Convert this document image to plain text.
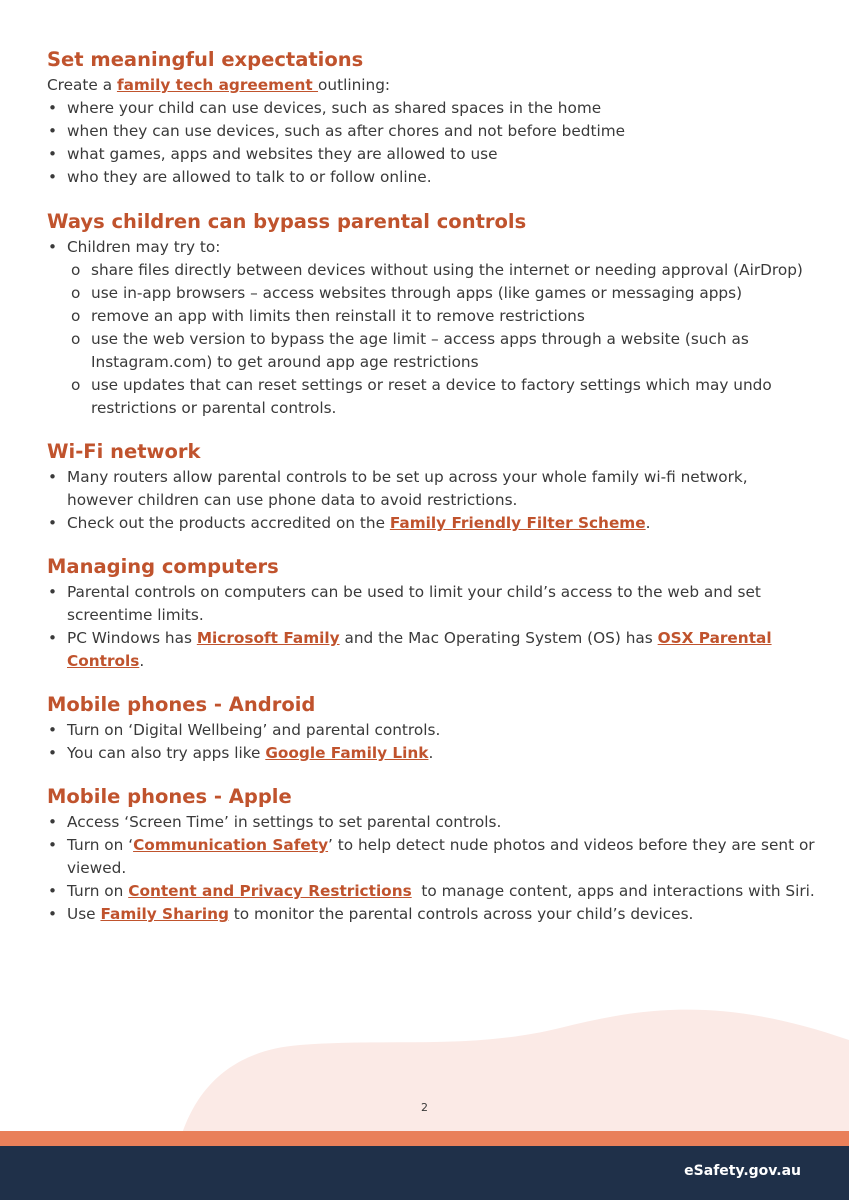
Set meaningful expectations

Create a family tech agreement outlining:

• where your child can use devices, such as shared spaces in the home
• when they can use devices, such as after chores and not before bedtime
• what games, apps and websites they are allowed to use
• who they are allowed to talk to or follow online.
Ways children can bypass parental controls
• Children may try to:
o share files directly between devices without using the internet or needing approval (AirDrop)
o use in-app browsers – access websites through apps (like games or messaging apps)
o remove an app with limits then reinstall it to remove restrictions
o use the web version to bypass the age limit – access apps through a website (such as Instagram.com) to get around app age restrictions
o use updates that can reset settings or reset a device to factory settings which may undo restrictions or parental controls.
Wi-Fi network
• Many routers allow parental controls to be set up across your whole family wi-fi network, however children can use phone data to avoid restrictions.
• Check out the products accredited on the Family Friendly Filter Scheme.
Managing computers
• Parental controls on computers can be used to limit your child’s access to the web and set screentime limits.
• PC Windows has Microsoft Family and the Mac Operating System (OS) has OSX Parental Controls.
Mobile phones - Android
• Turn on ‘Digital Wellbeing’ and parental controls.
• You can also try apps like Google Family Link.
Mobile phones - Apple
• Access ‘Screen Time’ in settings to set parental controls.
• Turn on ‘Communication Safety’ to help detect nude photos and videos before they are sent or viewed.
• Turn on Content and Privacy Restrictions  to manage content, apps and interactions with Siri.
• Use Family Sharing to monitor the parental controls across your child’s devices.
2
eSafety.gov.au
